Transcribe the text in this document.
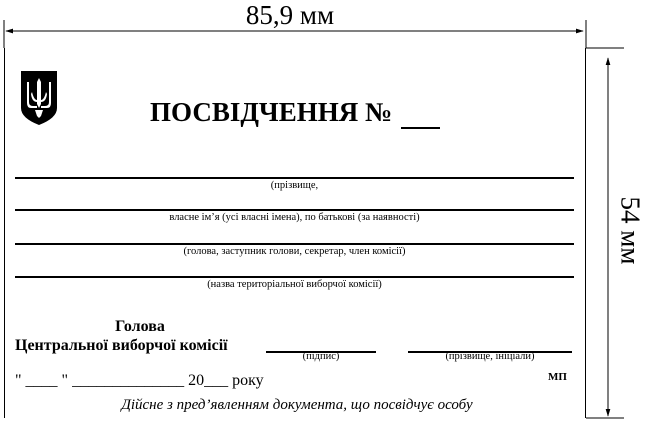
85,9 мм
54 мм
ПОСВІДЧЕННЯ №
(прізвище,
власне ім’я (усі власні імена), по батькові (за наявності)
(голова, заступник голови, секретар, член комісії)
(назва територіальної виборчої комісії)
Голова
Центральної виборчої комісії
(підпис)	(прізвище, ініціали)
" ____ " ______________ 20___ року	МП
Дійсне з пред’явленням документа, що посвідчує особу
